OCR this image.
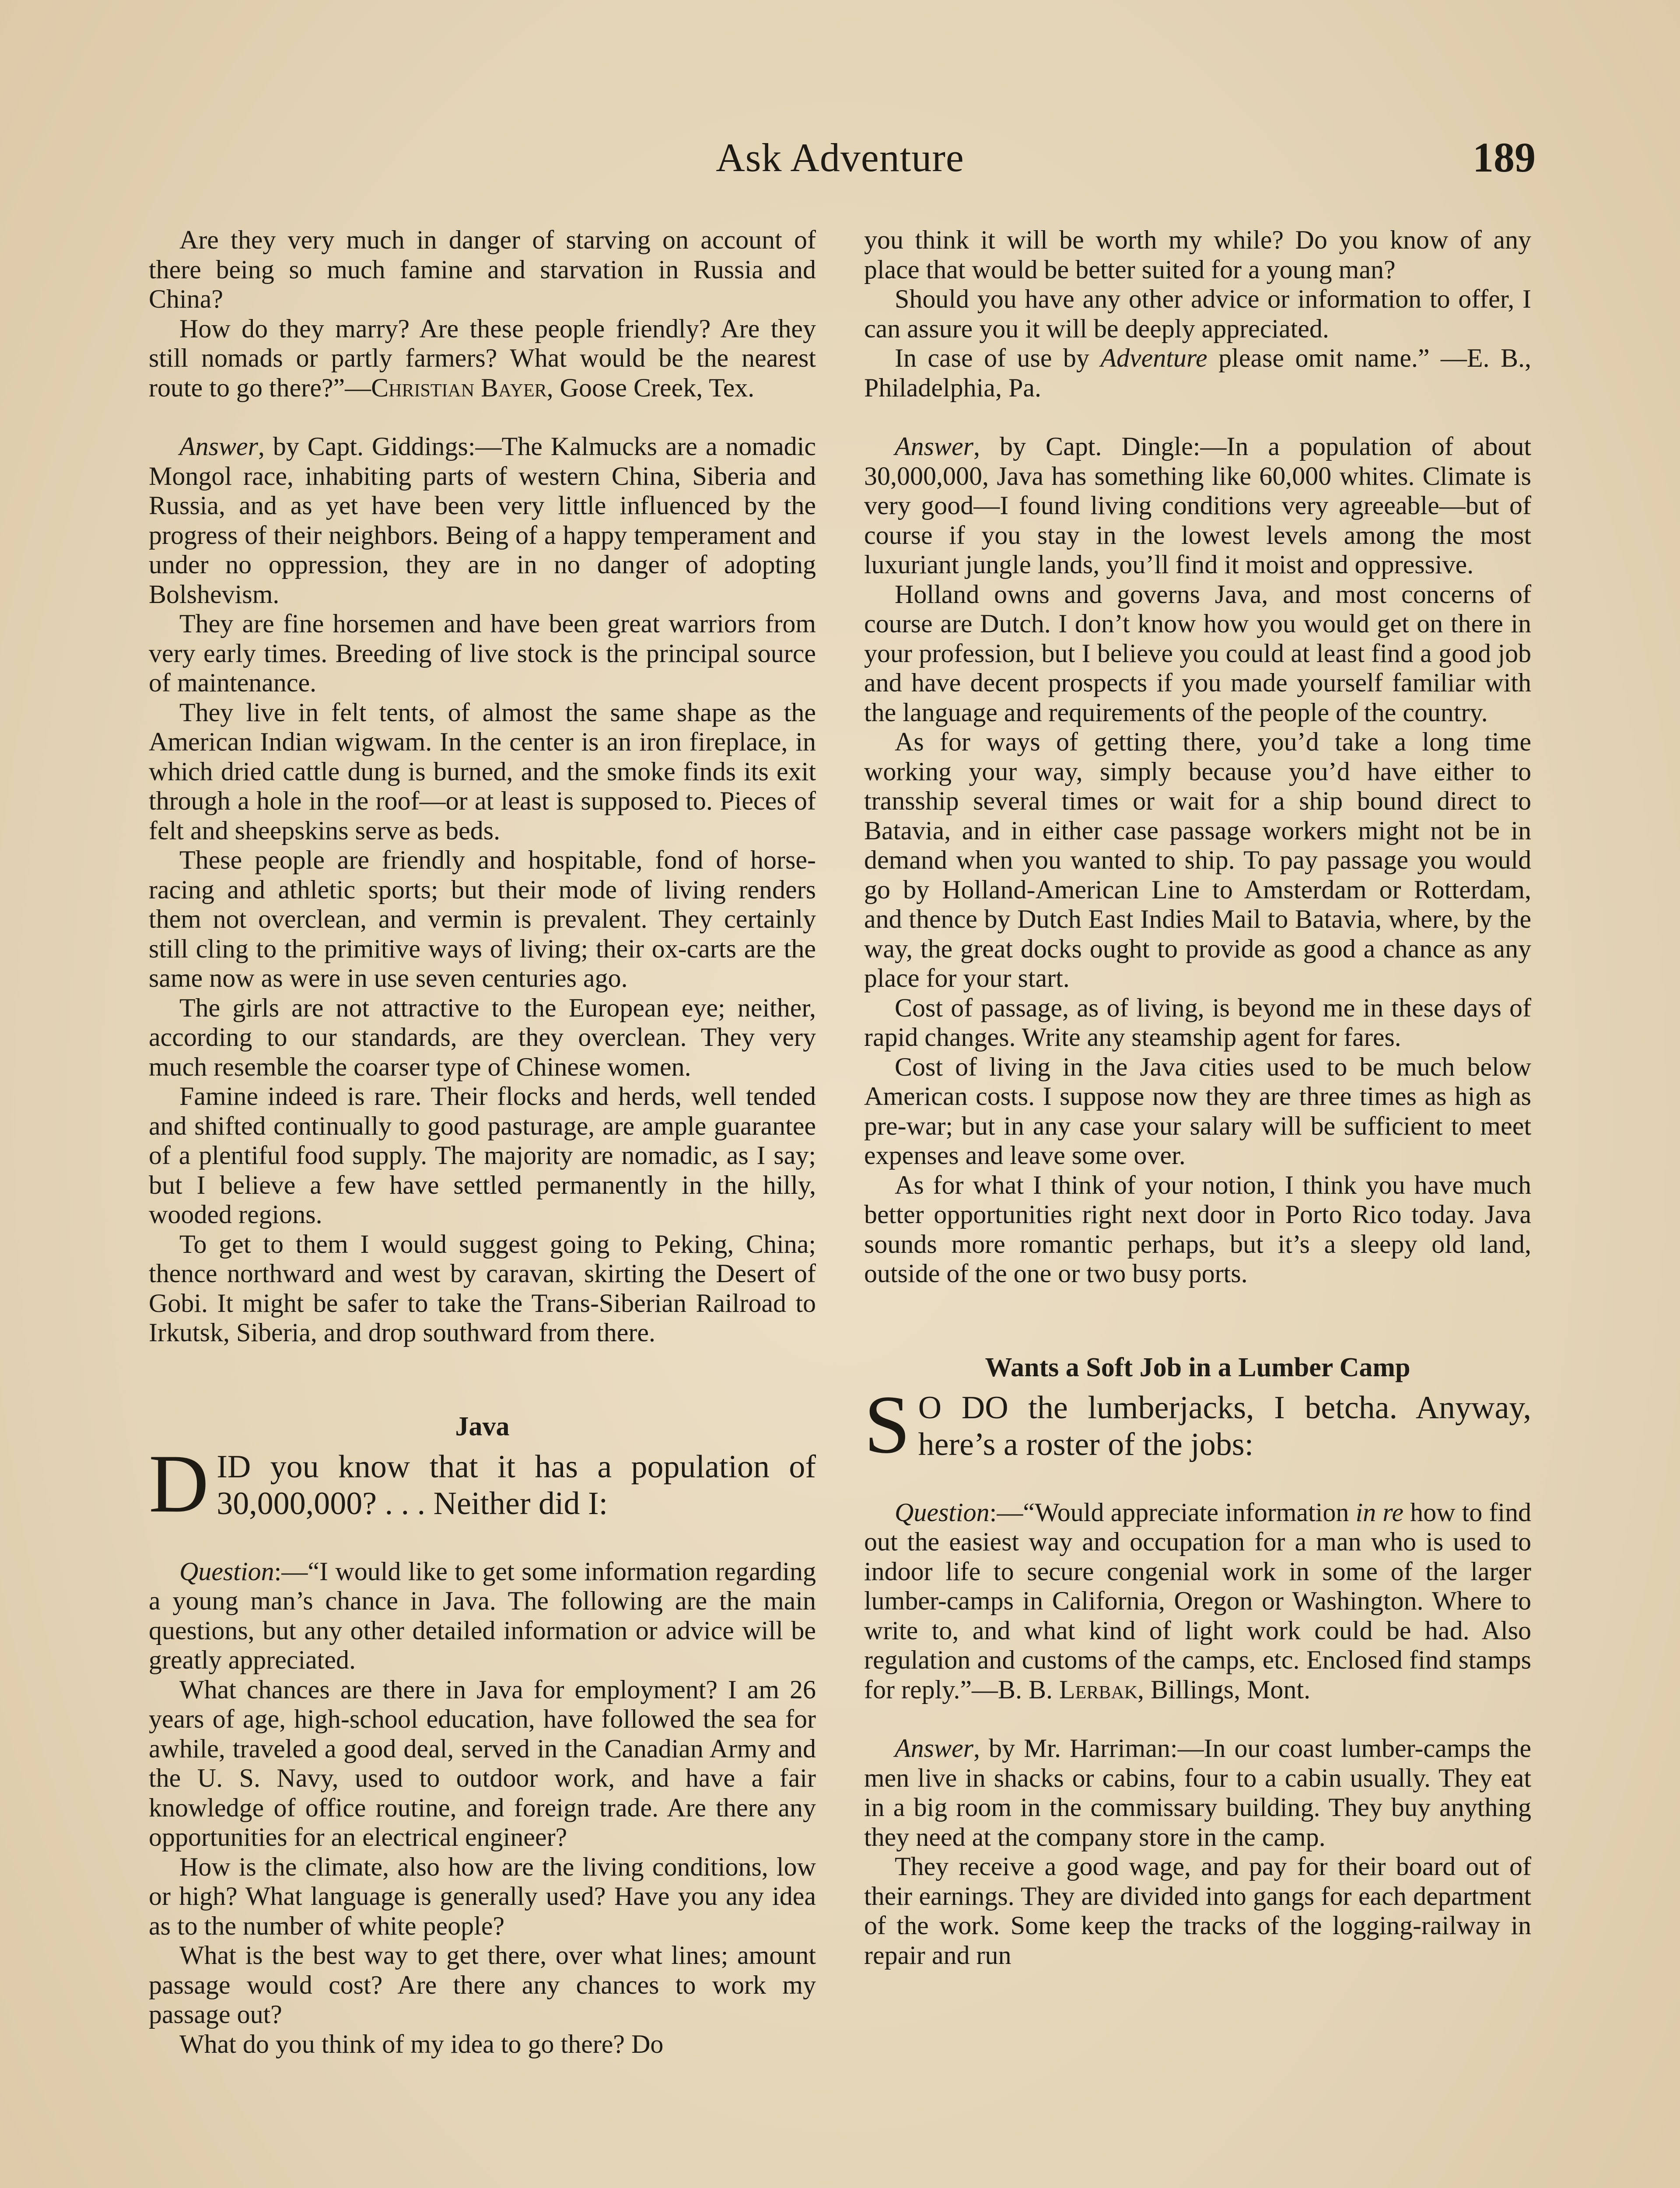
Ask Adventure	189

Are they very much in danger of starving on account of there being so much famine and starvation in Russia and China?

How do they marry? Are these people friendly? Are they still nomads or partly farmers? What would be the nearest route to go there?”—Christian Bayer, Goose Creek, Tex.

Answer, by Capt. Giddings:—The Kalmucks are a nomadic Mongol race, inhabiting parts of western China, Siberia and Russia, and as yet have been very little influenced by the progress of their neighbors. Being of a happy temperament and under no oppression, they are in no danger of adopting Bolshevism.

They are fine horsemen and have been great warriors from very early times. Breeding of live stock is the principal source of maintenance.

They live in felt tents, of almost the same shape as the American Indian wigwam. In the center is an iron fireplace, in which dried cattle dung is burned, and the smoke finds its exit through a hole in the roof—or at least is supposed to. Pieces of felt and sheepskins serve as beds.

These people are friendly and hospitable, fond of horse-racing and athletic sports; but their mode of living renders them not overclean, and vermin is prevalent. They certainly still cling to the primitive ways of living; their ox-carts are the same now as were in use seven centuries ago.

The girls are not attractive to the European eye; neither, according to our standards, are they overclean. They very much resemble the coarser type of Chinese women.

Famine indeed is rare. Their flocks and herds, well tended and shifted continually to good pasturage, are ample guarantee of a plentiful food supply. The majority are nomadic, as I say; but I believe a few have settled permanently in the hilly, wooded regions.

To get to them I would suggest going to Peking, China; thence northward and west by caravan, skirting the Desert of Gobi. It might be safer to take the Trans-Siberian Railroad to Irkutsk, Siberia, and drop southward from there.

Java
DID you know that it has a population of 30,000,000? . . . Neither did I:

Question:—“I would like to get some information regarding a young man’s chance in Java. The following are the main questions, but any other detailed information or advice will be greatly appreciated.

What chances are there in Java for employment? I am 26 years of age, high-school education, have followed the sea for awhile, traveled a good deal, served in the Canadian Army and the U. S. Navy, used to outdoor work, and have a fair knowledge of office routine, and foreign trade. Are there any opportunities for an electrical engineer?

How is the climate, also how are the living conditions, low or high? What language is generally used? Have you any idea as to the number of white people?

What is the best way to get there, over what lines; amount passage would cost? Are there any chances to work my passage out?

What do you think of my idea to go there? Do

you think it will be worth my while? Do you know of any place that would be better suited for a young man?

Should you have any other advice or information to offer, I can assure you it will be deeply appreciated.

In case of use by Adventure please omit name.” —E. B., Philadelphia, Pa.

Answer, by Capt. Dingle:—In a population of about 30,000,000, Java has something like 60,000 whites. Climate is very good—I found living conditions very agreeable—but of course if you stay in the lowest levels among the most luxuriant jungle lands, you’ll find it moist and oppressive.

Holland owns and governs Java, and most concerns of course are Dutch. I don’t know how you would get on there in your profession, but I believe you could at least find a good job and have decent prospects if you made yourself familiar with the language and requirements of the people of the country.

As for ways of getting there, you’d take a long time working your way, simply because you’d have either to transship several times or wait for a ship bound direct to Batavia, and in either case passage workers might not be in demand when you wanted to ship. To pay passage you would go by Holland-American Line to Amsterdam or Rotterdam, and thence by Dutch East Indies Mail to Batavia, where, by the way, the great docks ought to provide as good a chance as any place for your start.

Cost of passage, as of living, is beyond me in these days of rapid changes. Write any steamship agent for fares.

Cost of living in the Java cities used to be much below American costs. I suppose now they are three times as high as pre-war; but in any case your salary will be sufficient to meet expenses and leave some over.

As for what I think of your notion, I think you have much better opportunities right next door in Porto Rico today. Java sounds more romantic perhaps, but it’s a sleepy old land, outside of the one or two busy ports.

Wants a Soft Job in a Lumber Camp
S O DO the lumberjacks, I betcha. Anyway, here’s a roster of the jobs:

Question:—“Would appreciate information in re how to find out the easiest way and occupation for a man who is used to indoor life to secure congenial work in some of the larger lumber-camps in California, Oregon or Washington. Where to write to, and what kind of light work could be had. Also regulation and customs of the camps, etc. Enclosed find stamps for reply.”—B. B. Lerbak, Billings, Mont.

Answer, by Mr. Harriman:—In our coast lumber-camps the men live in shacks or cabins, four to a cabin usually. They eat in a big room in the commissary building. They buy anything they need at the company store in the camp.

They receive a good wage, and pay for their board out of their earnings. They are divided into gangs for each department of the work. Some keep the tracks of the logging-railway in repair and run
